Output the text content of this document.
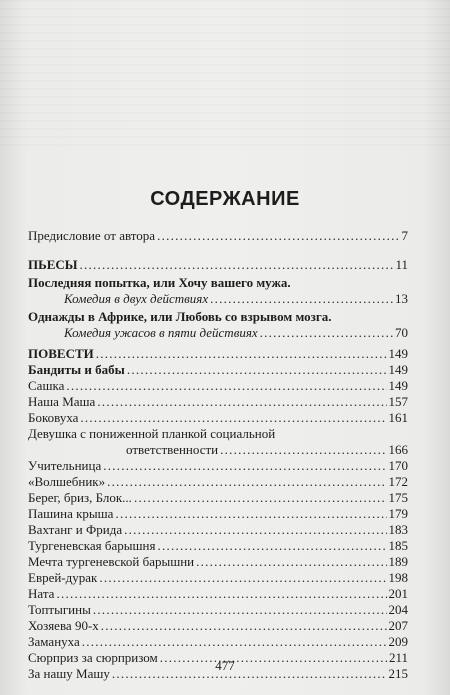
СОДЕРЖАНИЕ
Предисловие от автора . . .	7
ПЬЕСЫ . . .	11
Последняя попытка, или Хочу вашего мужа.
Комедия в двух действиях . . .	13
Однажды в Африке, или Любовь со взрывом мозга.
Комедия ужасов в пяти действиях . . .	70
ПОВЕСТИ . . .	149
Бандиты и бабы . . .	149
Сашка . . .	149
Наша Маша . . .	157
Боковуха . . .	161
Девушка с пониженной планкой социальной
ответственности . . .	166
Учительница . . .	170
«Волшебник» . . .	172
Берег, бриз, Блок... . . .	175
Пашина крыша . . .	179
Вахтанг и Фрида . . .	183
Тургеневская барышня . . .	185
Мечта тургеневской барышни . . .	189
Еврей-дурак . . .	198
Ната . . .	201
Топтыгины . . .	204
Хозяева 90-х . . .	207
Замануха . . .	209
Сюрприз за сюрпризом . . .	211
За нашу Машу . . .	215
477
